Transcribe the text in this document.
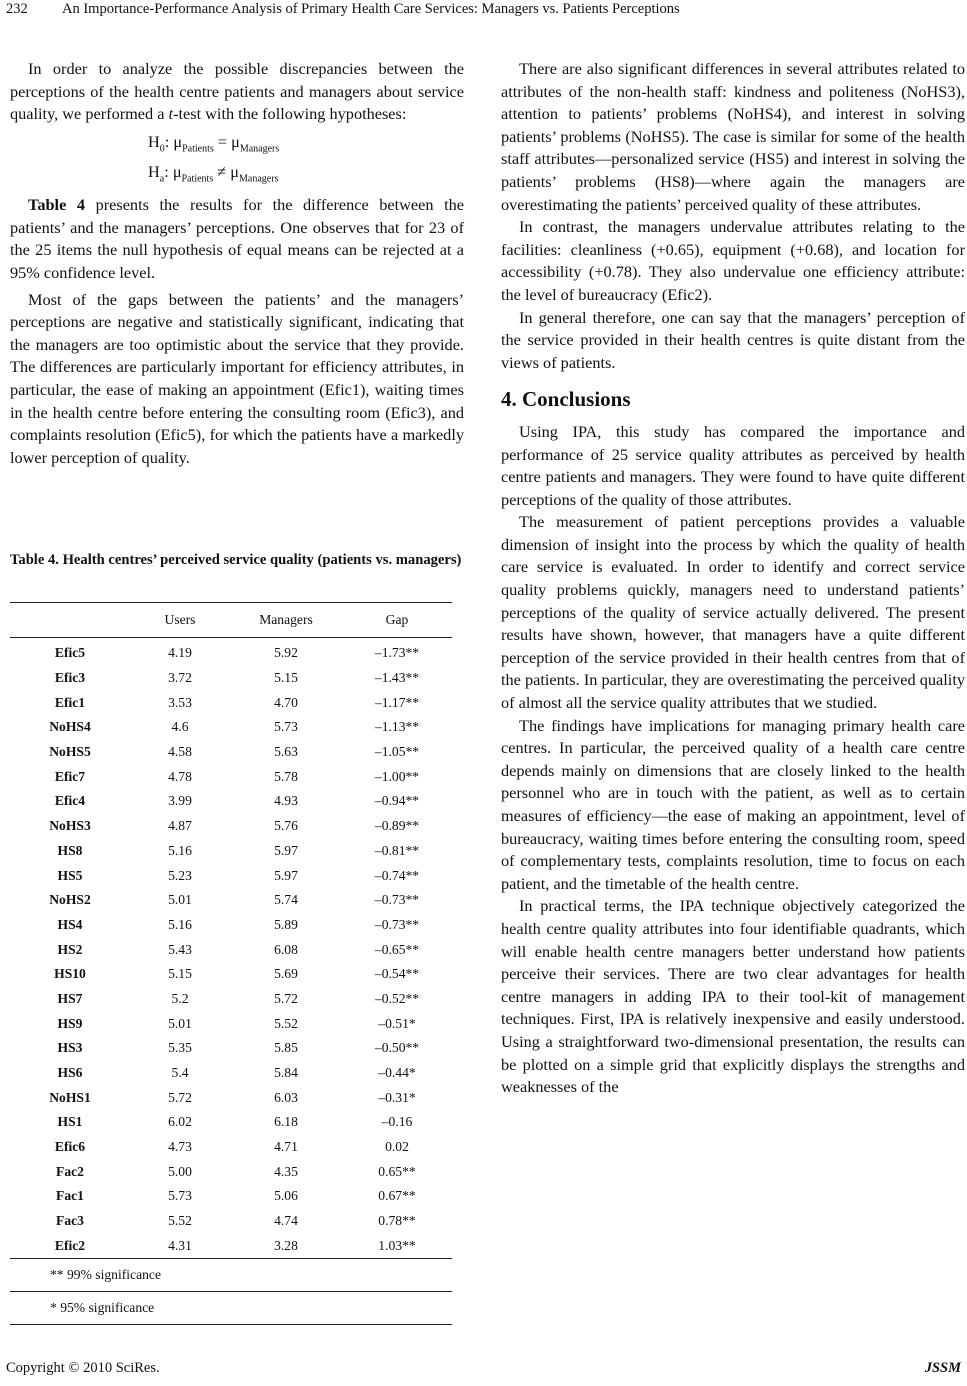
232 An Importance-Performance Analysis of Primary Health Care Services: Managers vs. Patients Perceptions

In order to analyze the possible discrepancies between the perceptions of the health centre patients and managers about service quality, we performed a t-test with the following hypotheses:

$H_0$: $\mu_{Patients} = \mu_{Managers}$

$H_a$: $\mu_{Patients} \ne \mu_{Managers}$

Table 4 presents the results for the difference between the patients’ and the managers’ perceptions. One observes that for 23 of the 25 items the null hypothesis of equal means can be rejected at a 95% confidence level.

Most of the gaps between the patients’ and the managers’ perceptions are negative and statistically significant, indicating that the managers are too optimistic about the service that they provide. The differences are particularly important for efficiency attributes, in particular, the ease of making an appointment (Efic1), waiting times in the health centre before entering the consulting room (Efic3), and complaints resolution (Efic5), for which the patients have a markedly lower perception of quality.

Table 4. Health centres’ perceived service quality (patients vs. managers)
	Users	Managers	Gap
Efic5	4.19	5.92	–1.73**
Efic3	3.72	5.15	–1.43**
Efic1	3.53	4.70	–1.17**
NoHS4	4.6	5.73	–1.13**
NoHS5	4.58	5.63	–1.05**
Efic7	4.78	5.78	–1.00**
Efic4	3.99	4.93	–0.94**
NoHS3	4.87	5.76	–0.89**
HS8	5.16	5.97	–0.81**
HS5	5.23	5.97	–0.74**
NoHS2	5.01	5.74	–0.73**
HS4	5.16	5.89	–0.73**
HS2	5.43	6.08	–0.65**
HS10	5.15	5.69	–0.54**
HS7	5.2	5.72	–0.52**
HS9	5.01	5.52	–0.51*
HS3	5.35	5.85	–0.50**
HS6	5.4	5.84	–0.44*
NoHS1	5.72	6.03	–0.31*
HS1	6.02	6.18	–0.16
Efic6	4.73	4.71	0.02
Fac2	5.00	4.35	0.65**
Fac1	5.73	5.06	0.67**
Fac3	5.52	4.74	0.78**
Efic2	4.31	3.28	1.03**
** 99% significance			
* 95% significance			

There are also significant differences in several attributes related to attributes of the non-health staff: kindness and politeness (NoHS3), attention to patients’ problems (NoHS4), and interest in solving patients’ problems (NoHS5). The case is similar for some of the health staff attributes―personalized service (HS5) and interest in solving the patients’ problems (HS8)―where again the managers are overestimating the patients’ perceived quality of these attributes.

In contrast, the managers undervalue attributes relating to the facilities: cleanliness (+0.65), equipment (+0.68), and location for accessibility (+0.78). They also undervalue one efficiency attribute: the level of bureaucracy (Efic2).

In general therefore, one can say that the managers’ perception of the service provided in their health centres is quite distant from the views of patients.

4. Conclusions

Using IPA, this study has compared the importance and performance of 25 service quality attributes as perceived by health centre patients and managers. They were found to have quite different perceptions of the quality of those attributes.

The measurement of patient perceptions provides a valuable dimension of insight into the process by which the quality of health care service is evaluated. In order to identify and correct service quality problems quickly, managers need to understand patients’ perceptions of the quality of service actually delivered. The present results have shown, however, that managers have a quite different perception of the service provided in their health centres from that of the patients. In particular, they are overestimating the perceived quality of almost all the service quality attributes that we studied.

The findings have implications for managing primary health care centres. In particular, the perceived quality of a health care centre depends mainly on dimensions that are closely linked to the health personnel who are in touch with the patient, as well as to certain measures of efficiency―the ease of making an appointment, level of bureaucracy, waiting times before entering the consulting room, speed of complementary tests, complaints resolution, time to focus on each patient, and the timetable of the health centre.

In practical terms, the IPA technique objectively categorized the health centre quality attributes into four identifiable quadrants, which will enable health centre managers better understand how patients perceive their services. There are two clear advantages for health centre managers in adding IPA to their tool-kit of management techniques. First, IPA is relatively inexpensive and easily understood. Using a straightforward two-dimensional presentation, the results can be plotted on a simple grid that explicitly displays the strengths and weaknesses of the

Copyright © 2010 SciRes.	JSSM
